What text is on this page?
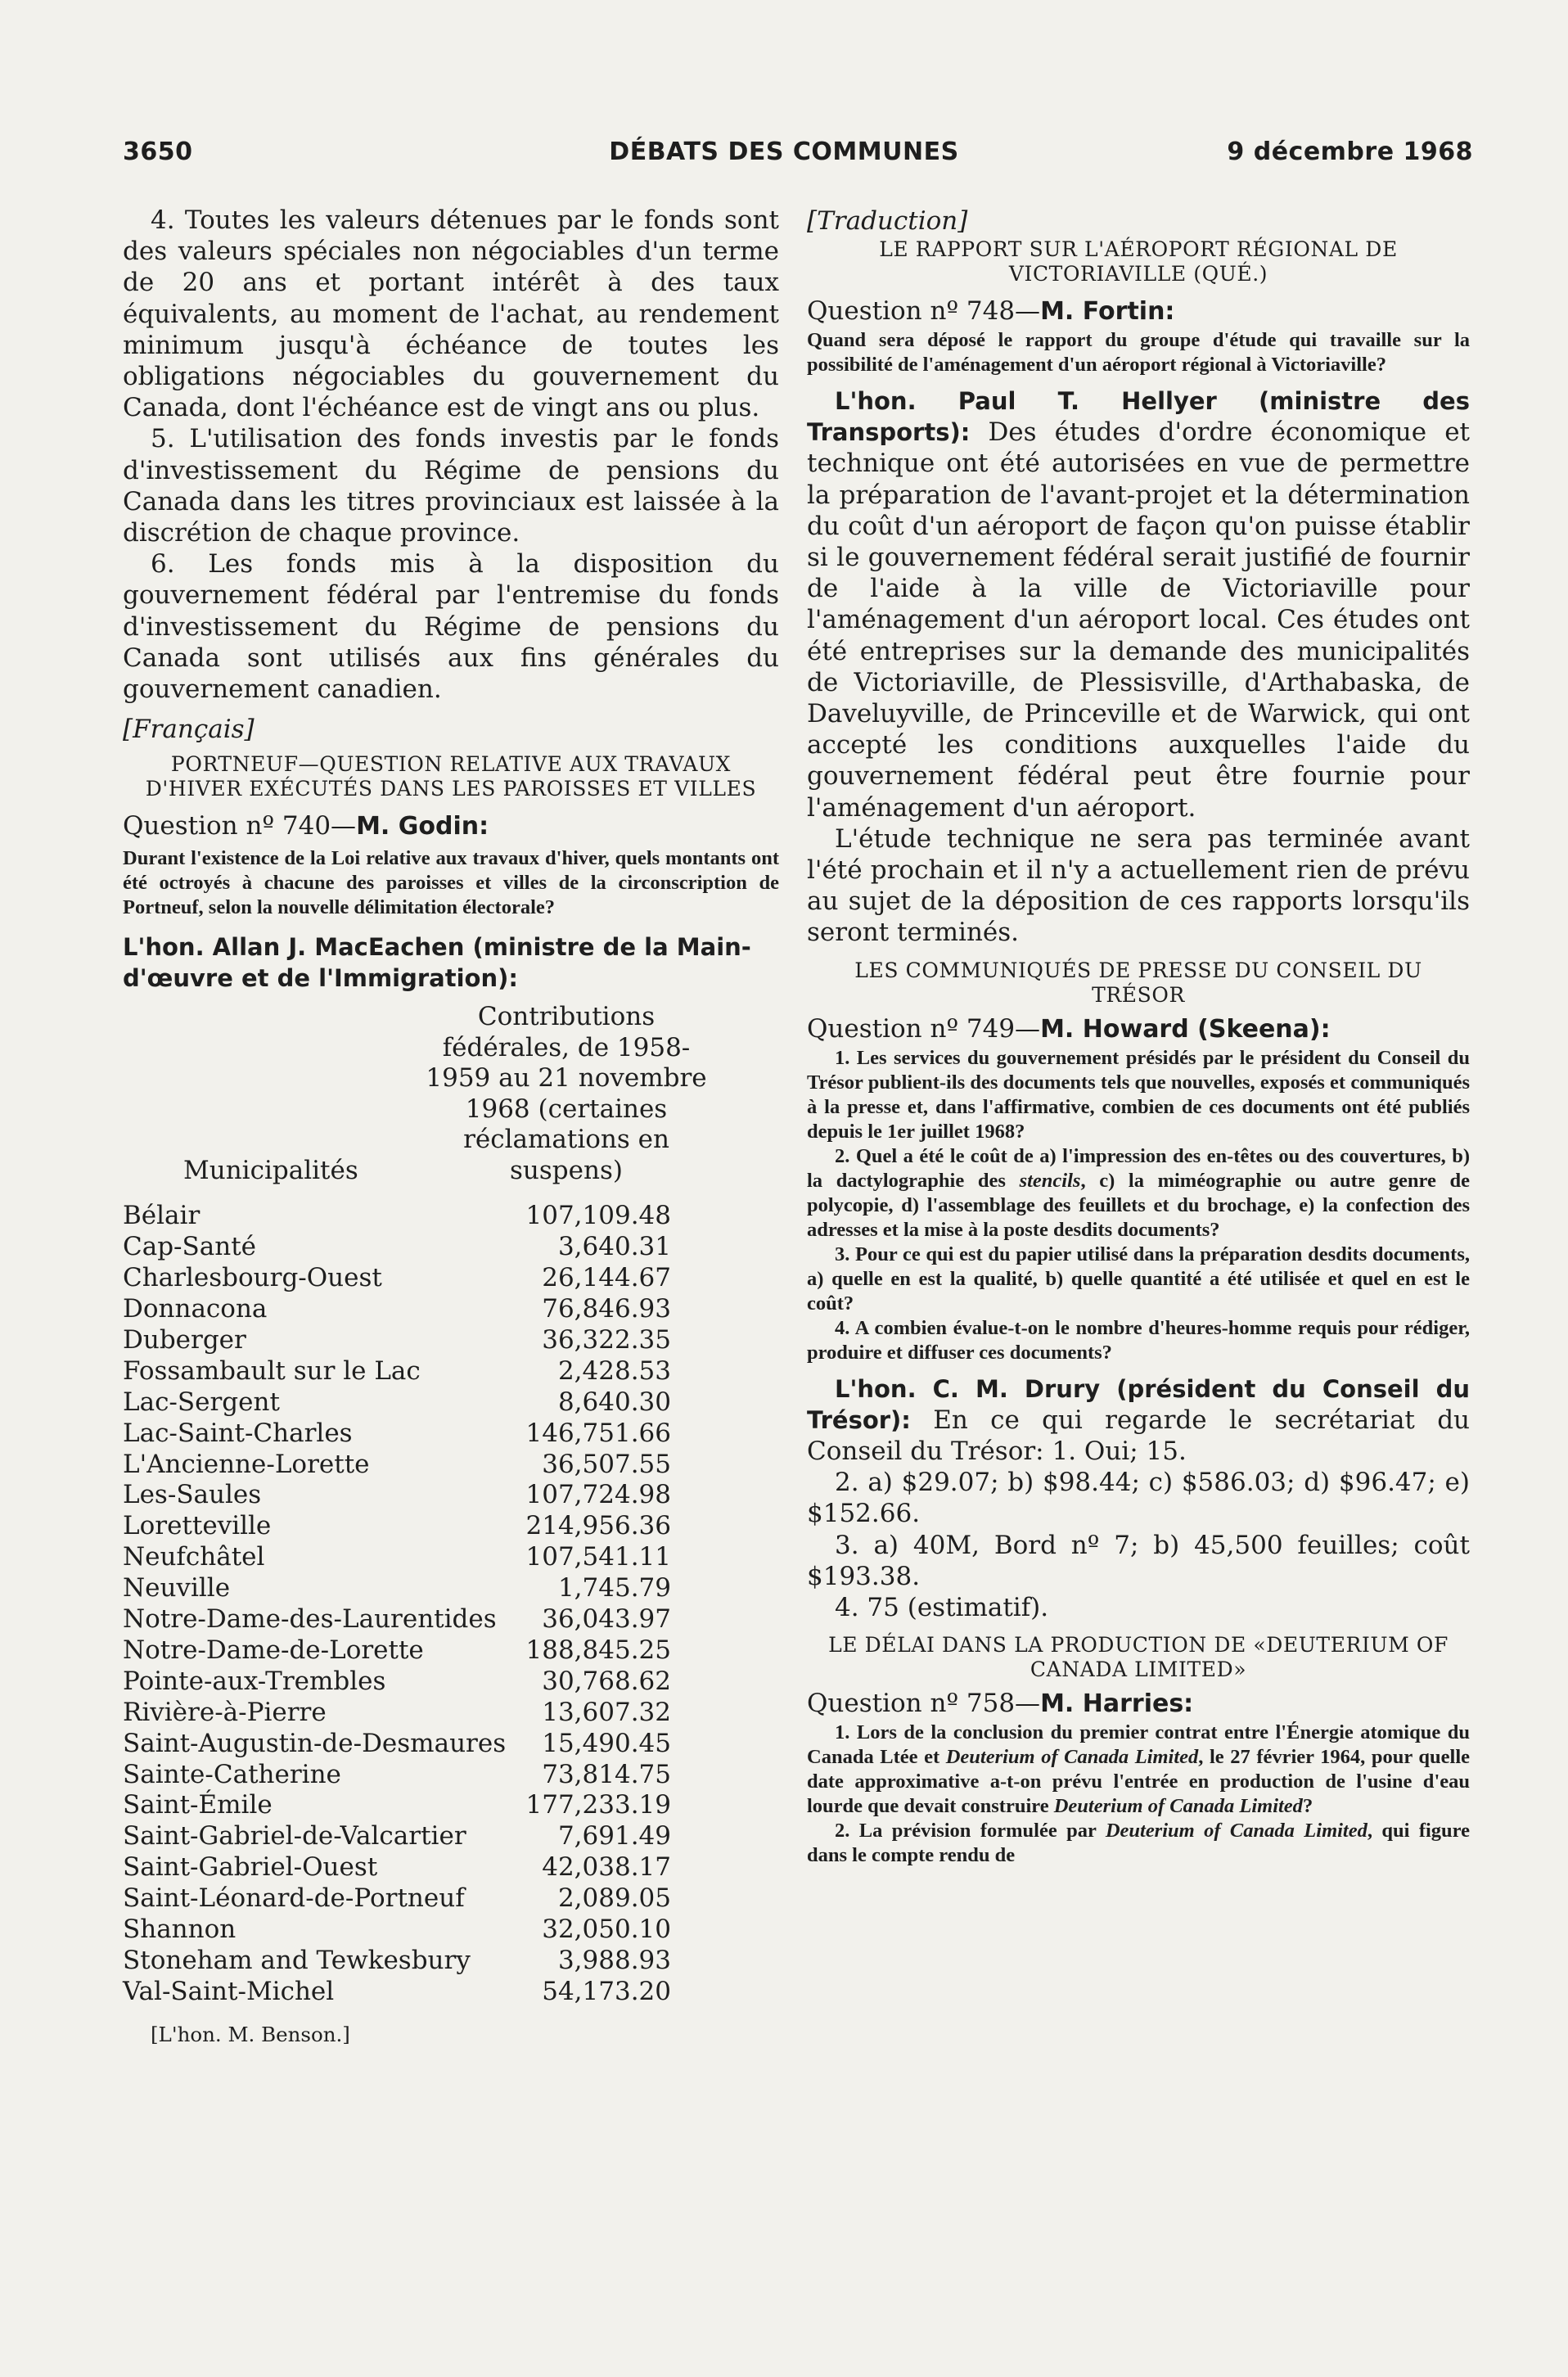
3650	DÉBATS DES COMMUNES	9 décembre 1968

4. Toutes les valeurs détenues par le fonds sont des valeurs spéciales non négociables d'un terme de 20 ans et portant intérêt à des taux équivalents, au moment de l'achat, au rendement minimum jusqu'à échéance de toutes les obligations négociables du gouvernement du Canada, dont l'échéance est de vingt ans ou plus.

5. L'utilisation des fonds investis par le fonds d'investissement du Régime de pensions du Canada dans les titres provinciaux est laissée à la discrétion de chaque province.

6. Les fonds mis à la disposition du gouvernement fédéral par l'entremise du fonds d'investissement du Régime de pensions du Canada sont utilisés aux fins générales du gouvernement canadien.

[Français]

PORTNEUF—QUESTION RELATIVE AUX TRAVAUX D'HIVER EXÉCUTÉS DANS LES PAROISSES ET VILLES

Question nº 740—M. Godin:

Durant l'existence de la Loi relative aux travaux d'hiver, quels montants ont été octroyés à chacune des paroisses et villes de la circonscription de Portneuf, selon la nouvelle délimitation électorale?

L'hon. Allan J. MacEachen (ministre de la Main-d'œuvre et de l'Immigration):

Municipalités
Contributions fédérales, de 1958-1959 au 21 novembre 1968 (certaines réclamations en suspens)
Bélair	107,109.48
Cap-Santé	3,640.31
Charlesbourg-Ouest	26,144.67
Donnacona	76,846.93
Duberger	36,322.35
Fossambault sur le Lac	2,428.53
Lac-Sergent	8,640.30
Lac-Saint-Charles	146,751.66
L'Ancienne-Lorette	36,507.55
Les-Saules	107,724.98
Loretteville	214,956.36
Neufchâtel	107,541.11
Neuville	1,745.79
Notre-Dame-des-Laurentides	36,043.97
Notre-Dame-de-Lorette	188,845.25
Pointe-aux-Trembles	30,768.62
Rivière-à-Pierre	13,607.32
Saint-Augustin-de-Desmaures	15,490.45
Sainte-Catherine	73,814.75
Saint-Émile	177,233.19
Saint-Gabriel-de-Valcartier	7,691.49
Saint-Gabriel-Ouest	42,038.17
Saint-Léonard-de-Portneuf	2,089.05
Shannon	32,050.10
Stoneham and Tewkesbury	3,988.93
Val-Saint-Michel	54,173.20

[L'hon. M. Benson.]

[Traduction]

LE RAPPORT SUR L'AÉROPORT RÉGIONAL DE VICTORIAVILLE (QUÉ.)

Question nº 748—M. Fortin:

Quand sera déposé le rapport du groupe d'étude qui travaille sur la possibilité de l'aménagement d'un aéroport régional à Victoriaville?

L'hon. Paul T. Hellyer (ministre des Transports): Des études d'ordre économique et technique ont été autorisées en vue de permettre la préparation de l'avant-projet et la détermination du coût d'un aéroport de façon qu'on puisse établir si le gouvernement fédéral serait justifié de fournir de l'aide à la ville de Victoriaville pour l'aménagement d'un aéroport local. Ces études ont été entreprises sur la demande des municipalités de Victoriaville, de Plessisville, d'Arthabaska, de Daveluyville, de Princeville et de Warwick, qui ont accepté les conditions auxquelles l'aide du gouvernement fédéral peut être fournie pour l'aménagement d'un aéroport.

L'étude technique ne sera pas terminée avant l'été prochain et il n'y a actuellement rien de prévu au sujet de la déposition de ces rapports lorsqu'ils seront terminés.

LES COMMUNIQUÉS DE PRESSE DU CONSEIL DU TRÉSOR

Question nº 749—M. Howard (Skeena):

1. Les services du gouvernement présidés par le président du Conseil du Trésor publient-ils des documents tels que nouvelles, exposés et communiqués à la presse et, dans l'affirmative, combien de ces documents ont été publiés depuis le 1er juillet 1968?

2. Quel a été le coût de a) l'impression des en-têtes ou des couvertures, b) la dactylographie des stencils, c) la miméographie ou autre genre de polycopie, d) l'assemblage des feuillets et du brochage, e) la confection des adresses et la mise à la poste desdits documents?

3. Pour ce qui est du papier utilisé dans la préparation desdits documents, a) quelle en est la qualité, b) quelle quantité a été utilisée et quel en est le coût?

4. A combien évalue-t-on le nombre d'heures-homme requis pour rédiger, produire et diffuser ces documents?

L'hon. C. M. Drury (président du Conseil du Trésor): En ce qui regarde le secrétariat du Conseil du Trésor: 1. Oui; 15.

2. a) $29.07; b) $98.44; c) $586.03; d) $96.47; e) $152.66.

3. a) 40M, Bord nº 7; b) 45,500 feuilles; coût $193.38.

4. 75 (estimatif).

LE DÉLAI DANS LA PRODUCTION DE «DEUTERIUM OF CANADA LIMITED»

Question nº 758—M. Harries:

1. Lors de la conclusion du premier contrat entre l'Énergie atomique du Canada Ltée et Deuterium of Canada Limited, le 27 février 1964, pour quelle date approximative a-t-on prévu l'entrée en production de l'usine d'eau lourde que devait construire Deuterium of Canada Limited?

2. La prévision formulée par Deuterium of Canada Limited, qui figure dans le compte rendu de
